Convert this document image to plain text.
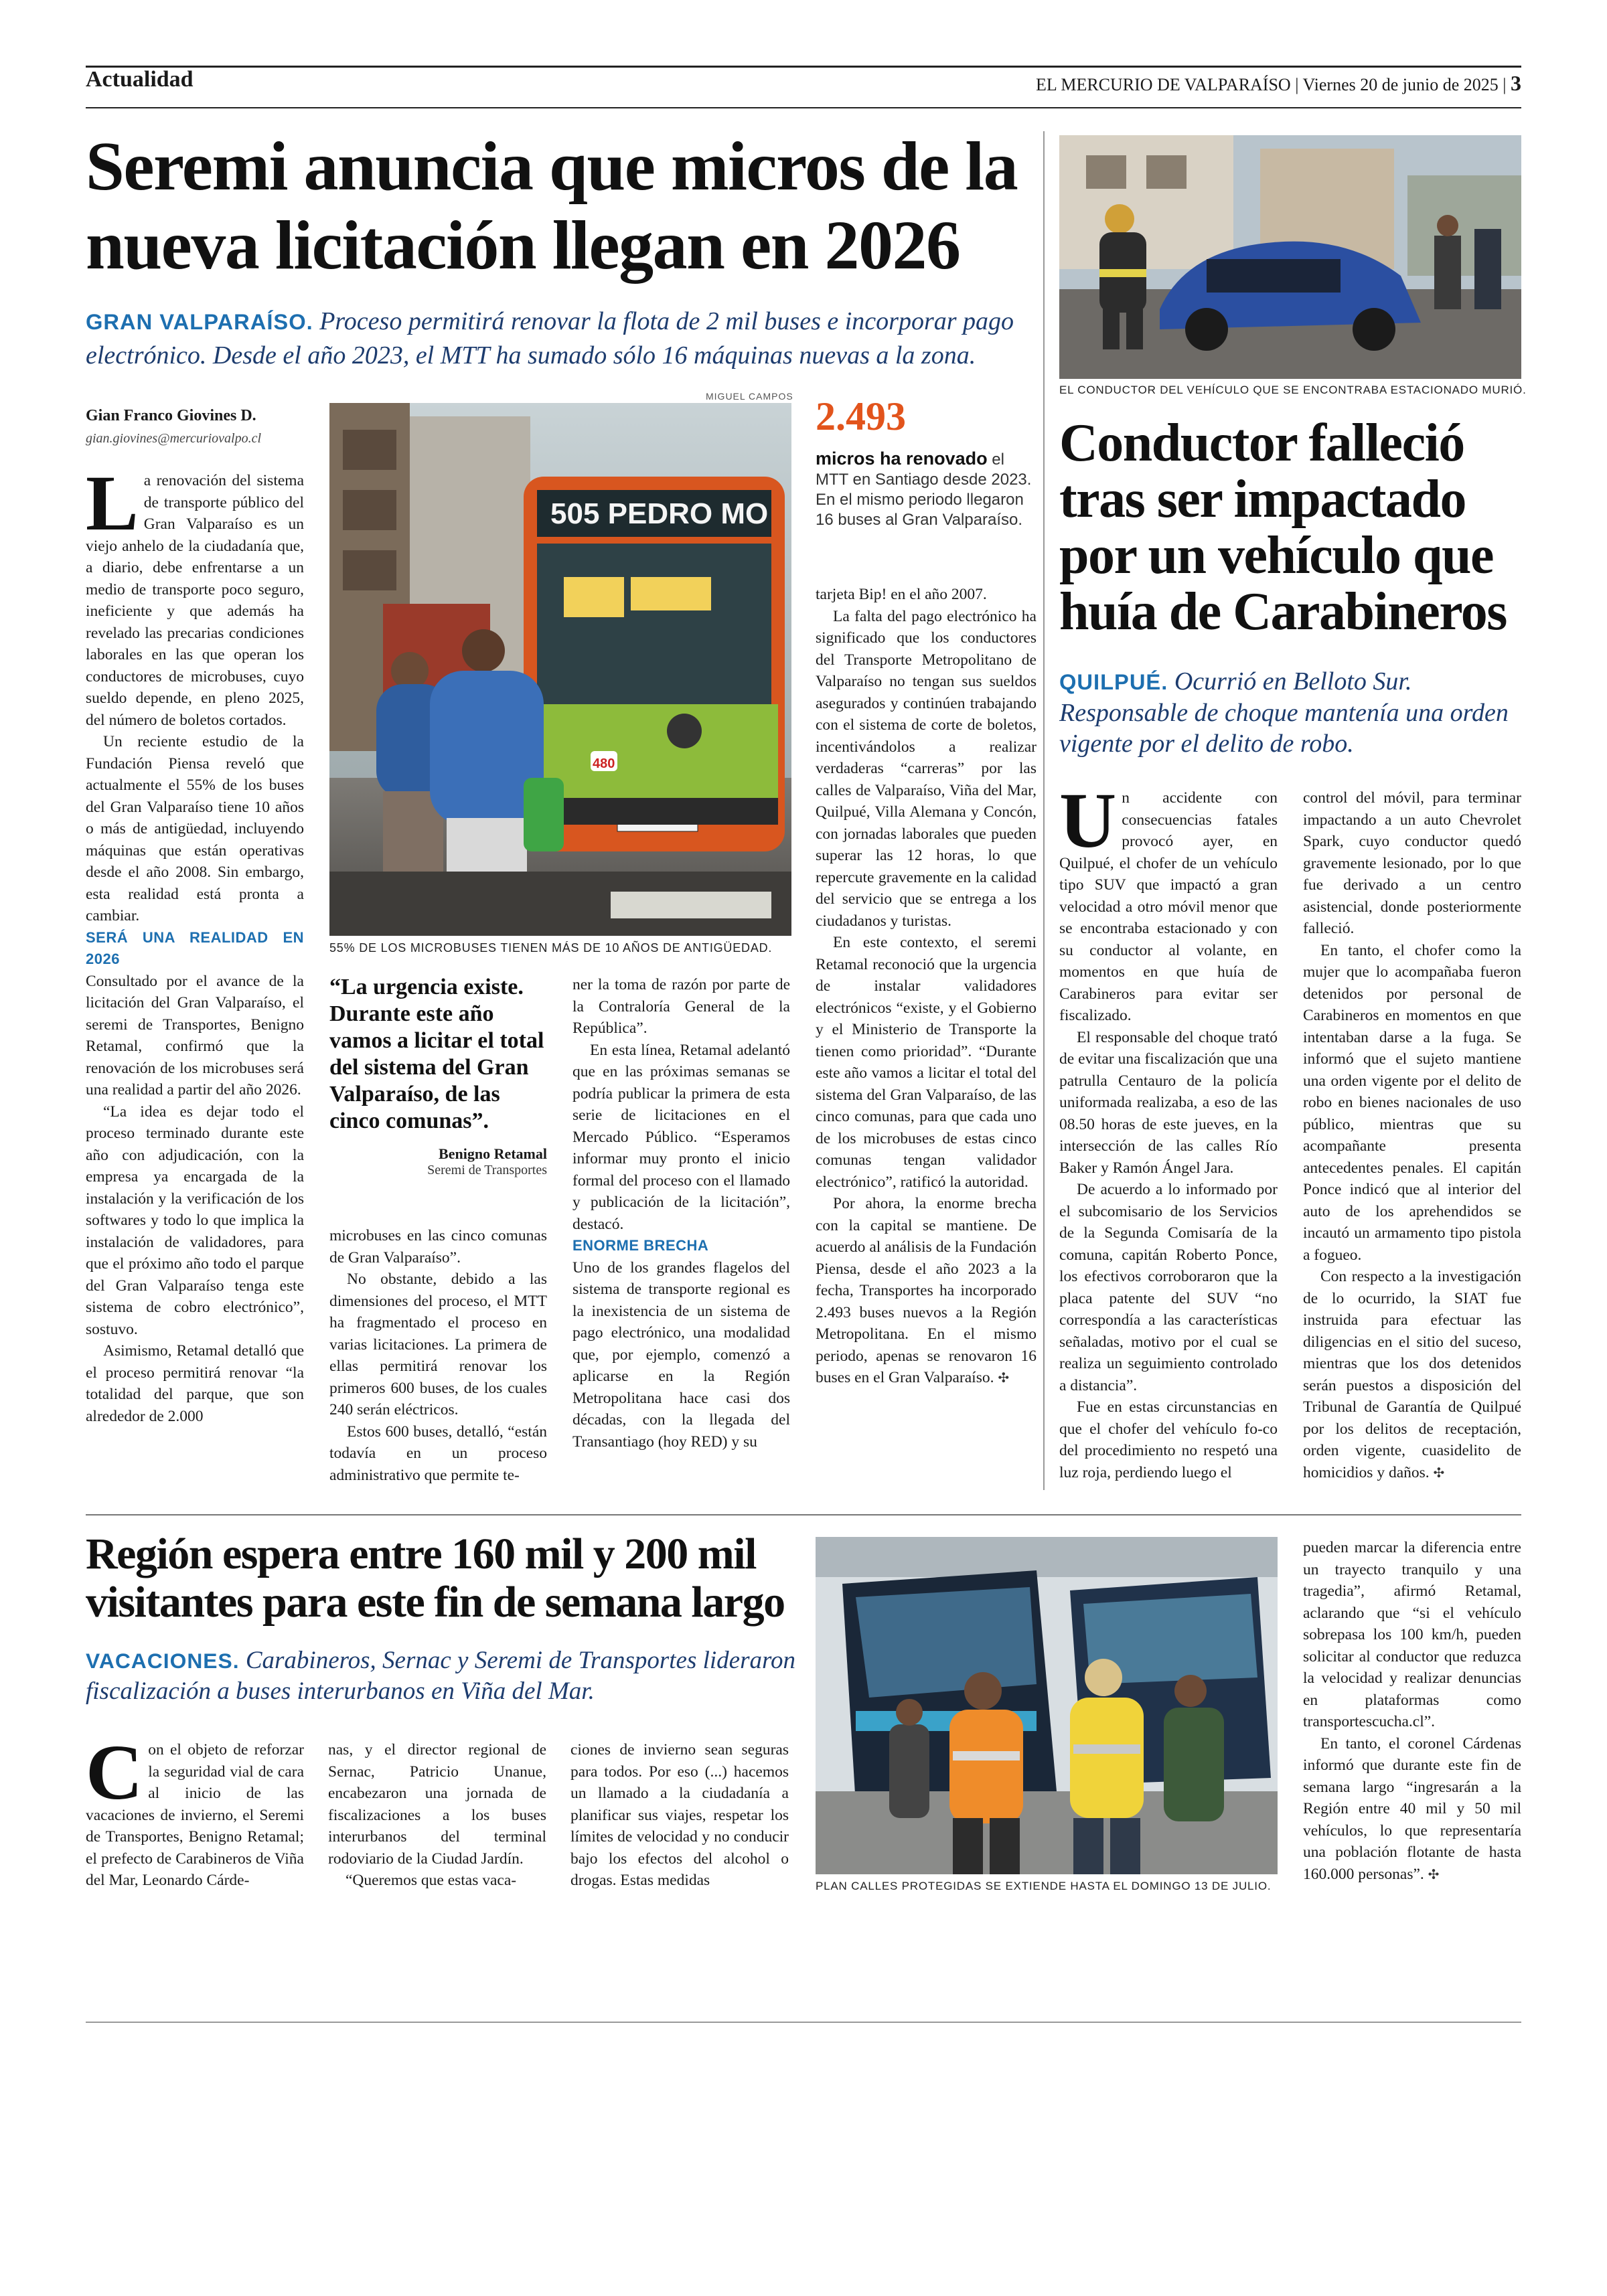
Actualidad	EL MERCURIO DE VALPARAÍSO | Viernes 20 de junio de 2025 | 3
Seremi anuncia que micros de la
nueva licitación llegan en 2026
GRAN VALPARAÍSO. Proceso permitirá renovar la flota de 2 mil buses e incorporar pago electrónico. Desde el año 2023, el MTT ha sumado sólo 16 máquinas nuevas a la zona.
Gian Franco Giovines D.
gian.giovines@mercuriovalpo.cl
MIGUEL CAMPOS
505 PEDRO MO
480
55% DE LOS MICROBUSES TIENEN MÁS DE 10 AÑOS DE ANTIGÜEDAD.
2.493
micros ha renovado el MTT en Santiago desde 2023. En el mismo periodo llegaron 16 buses al Gran Valparaíso.

La renovación del sistema de transporte público del Gran Valparaíso es un viejo anhelo de la ciudadanía que, a diario, debe enfrentarse a un medio de transporte poco seguro, ineficiente y que además ha revelado las precarias condiciones laborales en las que operan los conductores de microbuses, cuyo sueldo depende, en pleno 2025, del número de boletos cortados.

Un reciente estudio de la Fundación Piensa reveló que actualmente el 55% de los buses del Gran Valparaíso tiene 10 años o más de antigüedad, incluyendo máquinas que están operativas desde el año 2008. Sin embargo, esta realidad está pronta a cambiar.

SERÁ UNA REALIDAD EN 2026

Consultado por el avance de la licitación del Gran Valparaíso, el seremi de Transportes, Benigno Retamal, confirmó que la renovación de los microbuses será una realidad a partir del año 2026.

“La idea es dejar todo el proceso terminado durante este año con adjudicación, con la empresa ya encargada de la instalación y la verificación de los softwares y todo lo que implica la instalación de validadores, para que el próximo año todo el parque del Gran Valparaíso tenga este sistema de cobro electrónico”, sostuvo.

Asimismo, Retamal detalló que el proceso permitirá renovar “la totalidad del parque, que son alrededor de 2.000

“La urgencia existe. Durante este año vamos a licitar el total del sistema del Gran Valparaíso, de las cinco comunas”.
Benigno Retamal
Seremi de Transportes

microbuses en las cinco comunas de Gran Valparaíso”.

No obstante, debido a las dimensiones del proceso, el MTT ha fragmentado el proceso en varias licitaciones. La primera de ellas permitirá renovar los primeros 600 buses, de los cuales 240 serán eléctricos.

Estos 600 buses, detalló, “están todavía en un proceso administrativo que permite te-

ner la toma de razón por parte de la Contraloría General de la República”.

En esta línea, Retamal adelantó que en las próximas semanas se podría publicar la primera de esta serie de licitaciones en el Mercado Público. “Esperamos informar muy pronto el inicio formal del proceso con el llamado y publicación de la licitación”, destacó.

ENORME BRECHA

Uno de los grandes flagelos del sistema de transporte regional es la inexistencia de un sistema de pago electrónico, una modalidad que, por ejemplo, comenzó a aplicarse en la Región Metropolitana hace casi dos décadas, con la llegada del Transantiago (hoy RED) y su

tarjeta Bip! en el año 2007.

La falta del pago electrónico ha significado que los conductores del Transporte Metropolitano de Valparaíso no tengan sus sueldos asegurados y continúen trabajando con el sistema de corte de boletos, incentivándolos a realizar verdaderas “carreras” por las calles de Valparaíso, Viña del Mar, Quilpué, Villa Alemana y Concón, con jornadas laborales que pueden superar las 12 horas, lo que repercute gravemente en la calidad del servicio que se entrega a los ciudadanos y turistas.

En este contexto, el seremi Retamal reconoció que la urgencia de instalar validadores electrónicos “existe, y el Gobierno y el Ministerio de Transporte la tienen como prioridad”. “Durante este año vamos a licitar el total del sistema del Gran Valparaíso, de las cinco comunas, para que cada uno de los microbuses de estas cinco comunas tengan validador electrónico”, ratificó la autoridad.

Por ahora, la enorme brecha con la capital se mantiene. De acuerdo al análisis de la Fundación Piensa, desde el año 2023 a la fecha, Transportes ha incorporado 2.493 buses nuevos a la Región Metropolitana. En el mismo periodo, apenas se renovaron 16 buses en el Gran Valparaíso. ✣

EL CONDUCTOR DEL VEHÍCULO QUE SE ENCONTRABA ESTACIONADO MURIÓ.
Conductor falleció
tras ser impactado
por un vehículo que
huía de Carabineros
QUILPUÉ. Ocurrió en Belloto Sur. Responsable de choque mantenía una orden vigente por el delito de robo.

Un accidente con consecuencias fatales provocó ayer, en Quilpué, el chofer de un vehículo tipo SUV que impactó a gran velocidad a otro móvil menor que se encontraba estacionado y con su conductor al volante, en momentos en que huía de Carabineros para evitar ser fiscalizado.

El responsable del choque trató de evitar una fiscalización que una patrulla Centauro de la policía uniformada realizaba, a eso de las 08.50 horas de este jueves, en la intersección de las calles Río Baker y Ramón Ángel Jara.

De acuerdo a lo informado por el subcomisario de los Servicios de la Segunda Comisaría de la comuna, capitán Roberto Ponce, los efectivos corroboraron que la placa patente del SUV “no correspondía a las características señaladas, motivo por el cual se realiza un seguimiento controlado a distancia”.

Fue en estas circunstancias en que el chofer del vehículo fo-co del procedimiento no respetó una luz roja, perdiendo luego el

control del móvil, para terminar impactando a un auto Chevrolet Spark, cuyo conductor quedó gravemente lesionado, por lo que fue derivado a un centro asistencial, donde posteriormente falleció.

En tanto, el chofer como la mujer que lo acompañaba fueron detenidos por personal de Carabineros en momentos en que intentaban darse a la fuga. Se informó que el sujeto mantiene una orden vigente por el delito de robo en bienes nacionales de uso público, mientras que su acompañante presenta antecedentes penales. El capitán Ponce indicó que al interior del auto de los aprehendidos se incautó un armamento tipo pistola a fogueo.

Con respecto a la investigación de lo ocurrido, la SIAT fue instruida para efectuar las diligencias en el sitio del suceso, mientras que los dos detenidos serán puestos a disposición del Tribunal de Garantía de Quilpué por los delitos de receptación, orden vigente, cuasidelito de homicidios y daños. ✣

Región espera entre 160 mil y 200 mil
visitantes para este fin de semana largo
VACACIONES. Carabineros, Sernac y Seremi de Transportes lideraron fiscalización a buses interurbanos en Viña del Mar.

Con el objeto de reforzar la seguridad vial de cara al inicio de las vacaciones de invierno, el Seremi de Transportes, Benigno Retamal; el prefecto de Carabineros de Viña del Mar, Leonardo Cárde-

nas, y el director regional de Sernac, Patricio Unanue, encabezaron una jornada de fiscalizaciones a los buses interurbanos del terminal rodoviario de la Ciudad Jardín.

“Queremos que estas vaca-

ciones de invierno sean seguras para todos. Por eso (...) hacemos un llamado a la ciudadanía a planificar sus viajes, respetar los límites de velocidad y no conducir bajo los efectos del alcohol o drogas. Estas medidas	PLAN CALLES PROTEGIDAS SE EXTIENDE HASTA EL DOMINGO 13 DE JULIO.

pueden marcar la diferencia entre un trayecto tranquilo y una tragedia”, afirmó Retamal, aclarando que “si el vehículo sobrepasa los 100 km/h, pueden solicitar al conductor que reduzca la velocidad y realizar denuncias en plataformas como transportescucha.cl”.

En tanto, el coronel Cárdenas informó que durante este fin de semana largo “ingresarán a la Región entre 40 mil y 50 mil vehículos, lo que representaría una población flotante de hasta 160.000 personas”. ✣
